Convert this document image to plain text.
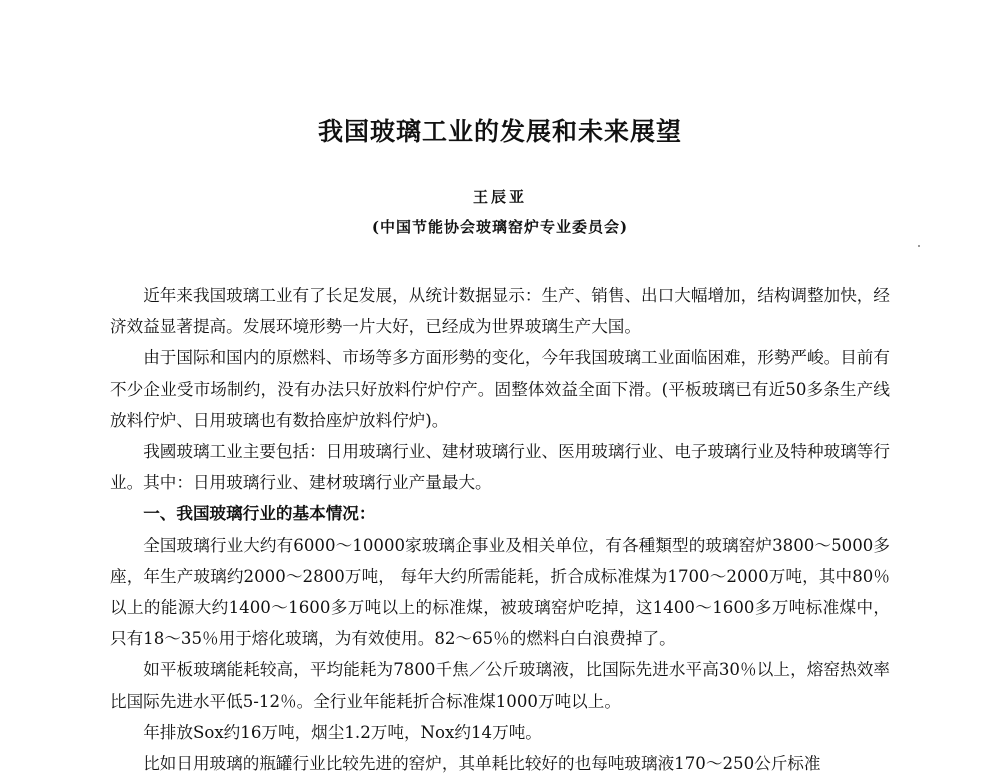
我国玻璃工业的发展和未来展望
王辰亚
(中国节能协会玻璃窑炉专业委员会)

近年来我国玻璃工业有了长足发展，从统计数据显示：生产、销售、出口大幅增加，结构调整加快，经济效益显著提高。发展环境形勢一片大好，已经成为世界玻璃生产大国。

由于国际和国内的原燃料、市场等多方面形勢的变化，今年我国玻璃工业面临困难，形勢严峻。目前有不少企业受市场制约，没有办法只好放料佇炉佇产。固整体效益全面下滑。(平板玻璃已有近50多条生产线放料佇炉、日用玻璃也有数拾座炉放料佇炉)。

我國玻璃工业主要包括：日用玻璃行业、建材玻璃行业、医用玻璃行业、电子玻璃行业及特种玻璃等行业。其中：日用玻璃行业、建材玻璃行业产量最大。

一、我国玻璃行业的基本情况：

全国玻璃行业大约有6000～10000家玻璃企事业及相关单位，有各種類型的玻璃窑炉3800～5000多座，年生产玻璃约2000～2800万吨， 每年大约所需能耗，折合成标准煤为1700～2000万吨，其中80％以上的能源大约1400～1600多万吨以上的标准煤，被玻璃窑炉吃掉，这1400～1600多万吨标准煤中，只有18～35％用于熔化玻璃，为有效使用。82～65％的燃料白白浪费掉了。

如平板玻璃能耗较高，平均能耗为7800千焦／公斤玻璃液，比国际先进水平高30％以上，熔窑热效率比国际先进水平低5-12％。全行业年能耗折合标准煤1000万吨以上。

年排放Sox约16万吨，烟尘1.2万吨，Nox约14万吨。

比如日用玻璃的瓶罐行业比较先进的窑炉，其单耗比较好的也每吨玻璃液170～250公斤标准
